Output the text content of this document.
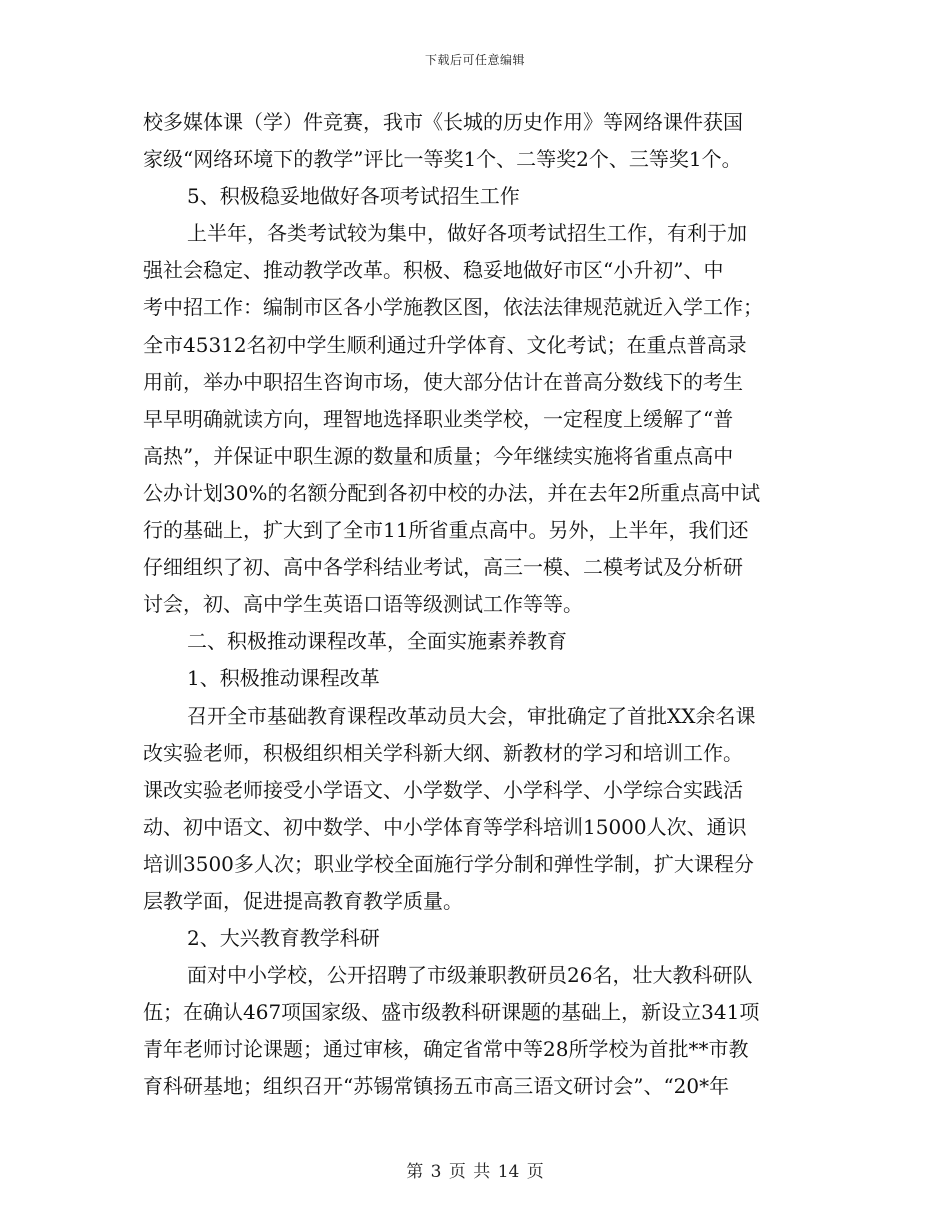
下载后可任意编辑
校多媒体课（学）件竞赛，我市《长城的历史作用》等网络课件获国
家级“网络环境下的教学”评比一等奖1个、二等奖2个、三等奖1个。
5、积极稳妥地做好各项考试招生工作
上半年，各类考试较为集中，做好各项考试招生工作，有利于加
强社会稳定、推动教学改革。积极、稳妥地做好市区“小升初”、中
考中招工作：编制市区各小学施教区图，依法法律规范就近入学工作；
全市45312名初中学生顺利通过升学体育、文化考试；在重点普高录
用前，举办中职招生咨询市场，使大部分估计在普高分数线下的考生
早早明确就读方向，理智地选择职业类学校，一定程度上缓解了“普
高热”，并保证中职生源的数量和质量；今年继续实施将省重点高中
公办计划30%的名额分配到各初中校的办法，并在去年2所重点高中试
行的基础上，扩大到了全市11所省重点高中。另外，上半年，我们还
仔细组织了初、高中各学科结业考试，高三一模、二模考试及分析研
讨会，初、高中学生英语口语等级测试工作等等。
二、积极推动课程改革，全面实施素养教育
1、积极推动课程改革
召开全市基础教育课程改革动员大会，审批确定了首批XX余名课
改实验老师，积极组织相关学科新大纲、新教材的学习和培训工作。
课改实验老师接受小学语文、小学数学、小学科学、小学综合实践活
动、初中语文、初中数学、中小学体育等学科培训15000人次、通识
培训3500多人次；职业学校全面施行学分制和弹性学制，扩大课程分
层教学面，促进提高教育教学质量。
2、大兴教育教学科研
面对中小学校，公开招聘了市级兼职教研员26名，壮大教科研队
伍；在确认467项国家级、盛市级教科研课题的基础上，新设立341项
青年老师讨论课题；通过审核，确定省常中等28所学校为首批**市教
育科研基地；组织召开“苏锡常镇扬五市高三语文研讨会”、“20*年
第 3 页 共 14 页
